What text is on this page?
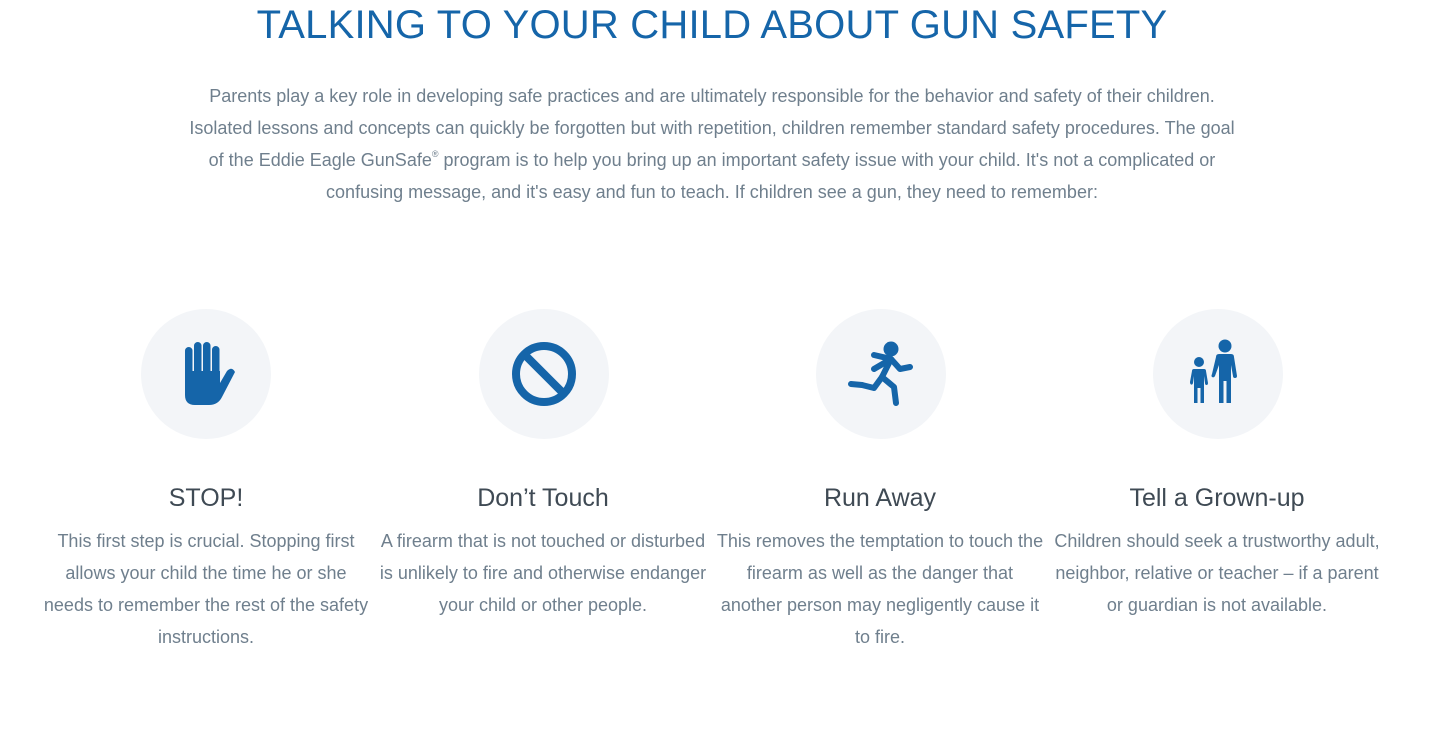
TALKING TO YOUR CHILD ABOUT GUN SAFETY

Parents play a key role in developing safe practices and are ultimately responsible for the behavior and safety of their children. Isolated lessons and concepts can quickly be forgotten but with repetition, children remember standard safety procedures. The goal of the Eddie Eagle GunSafe® program is to help you bring up an important safety issue with your child. It's not a complicated or confusing message, and it's easy and fun to teach. If children see a gun, they need to remember:

STOP!

This first step is crucial. Stopping first allows your child the time he or she needs to remember the rest of the safety instructions.

Don’t Touch

A firearm that is not touched or disturbed is unlikely to fire and otherwise endanger your child or other people.

Run Away

This removes the temptation to touch the firearm as well as the danger that another person may negligently cause it to fire.

Tell a Grown-up

Children should seek a trustworthy adult, neighbor, relative or teacher – if a parent or guardian is not available.
